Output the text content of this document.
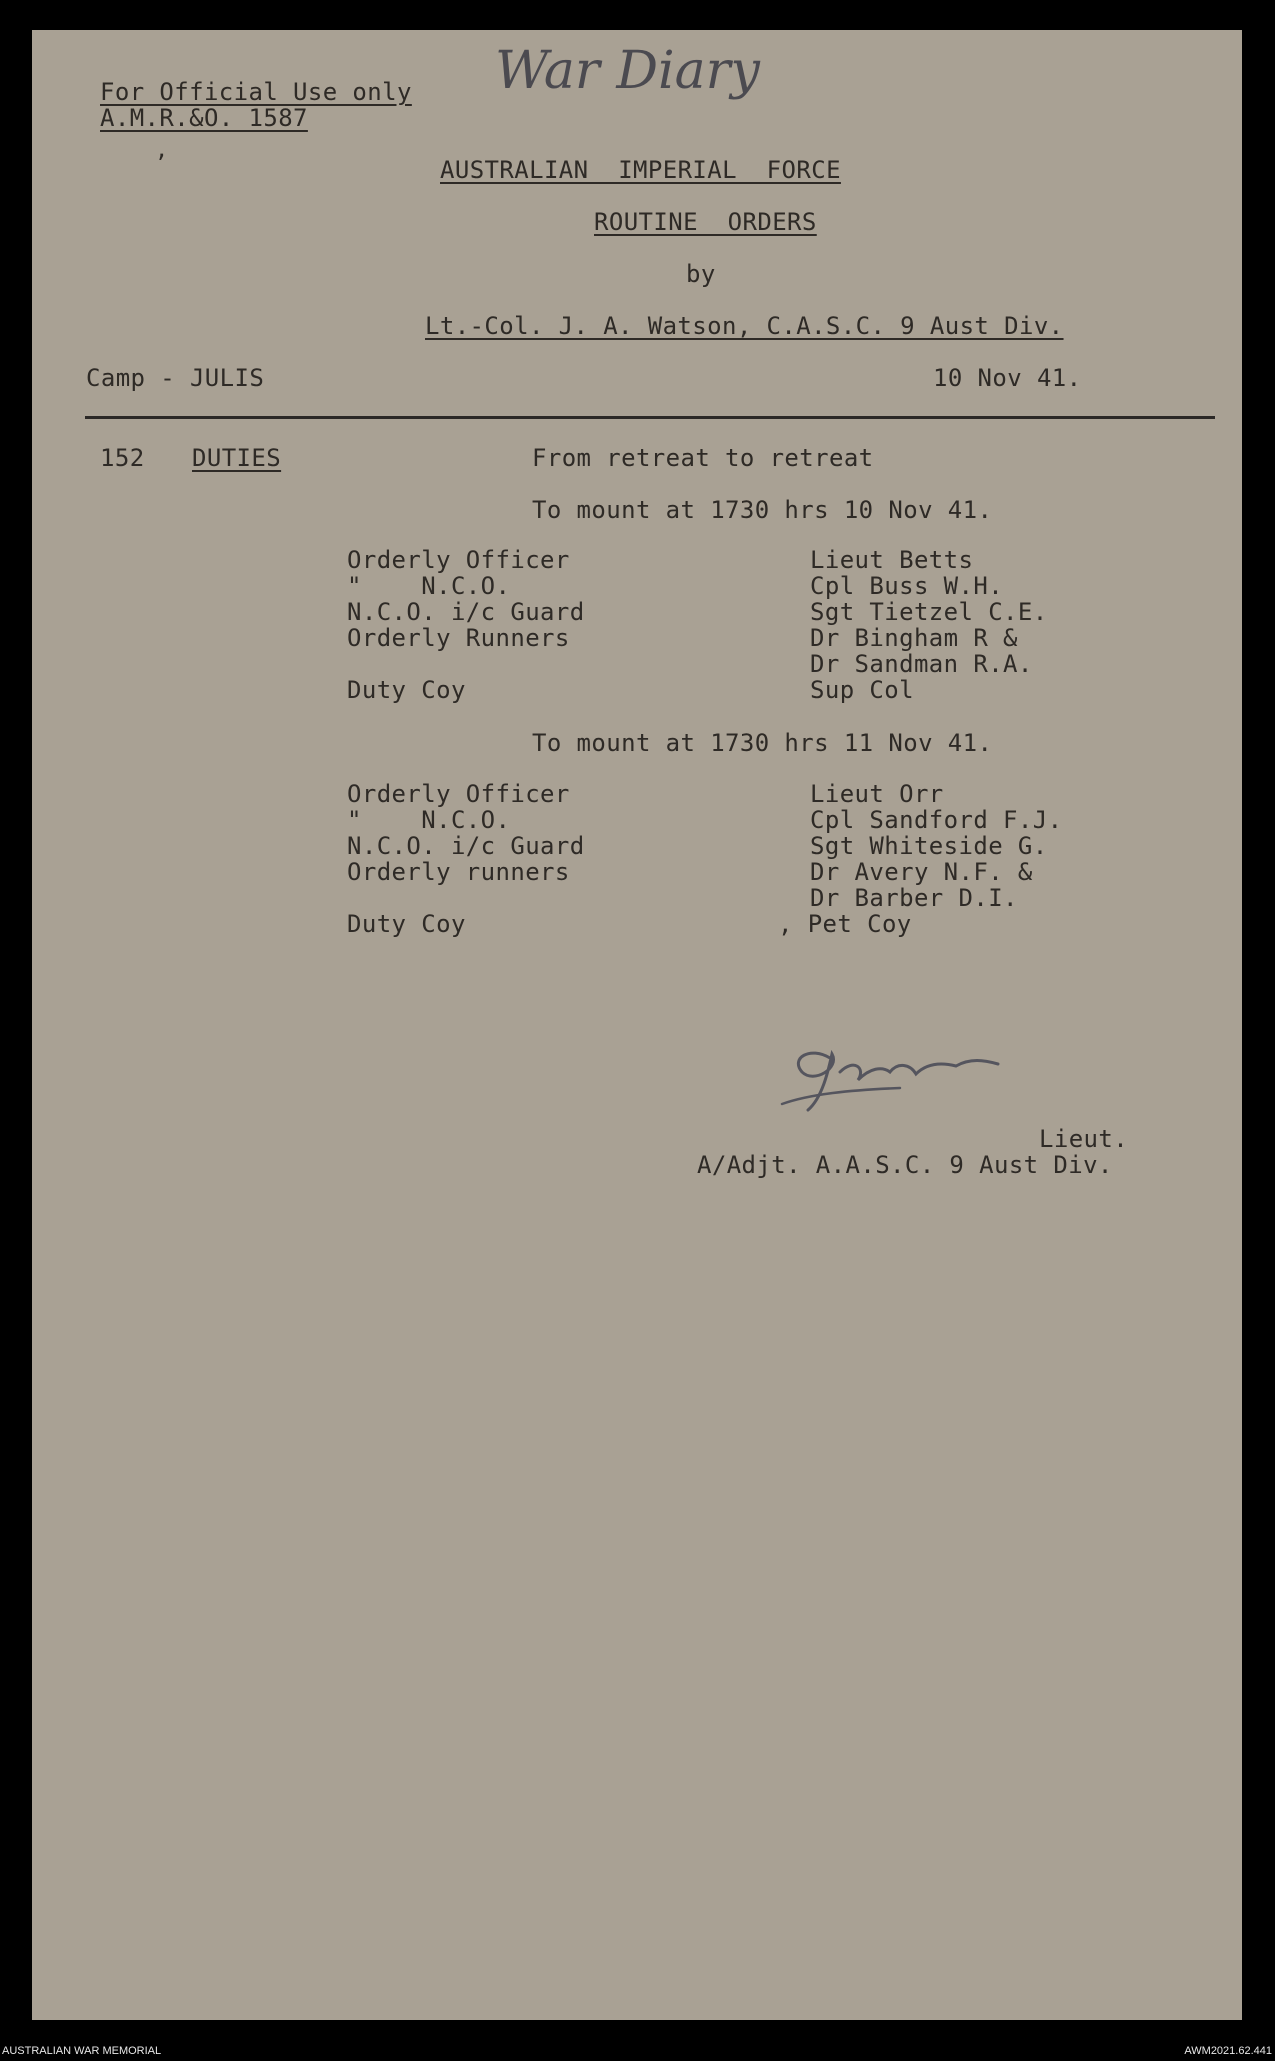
War Diary
For Official Use only
A.M.R.&O. 1587
,
AUSTRALIAN  IMPERIAL  FORCE
ROUTINE  ORDERS
by
Lt.-Col. J. A. Watson, C.A.S.C. 9 Aust Div.
Camp - JULIS	10 Nov 41.
152 DUTIES	From retreat to retreat
To mount at 1730 hrs 10 Nov 41.
Orderly Officer	Lieut Betts
"    N.C.O.	Cpl Buss W.H.
N.C.O. i/c Guard	Sgt Tietzel C.E.
Orderly Runners	Dr Bingham R &
Dr Sandman R.A.
Duty Coy	Sup Col
To mount at 1730 hrs 11 Nov 41.
Orderly Officer	Lieut Orr
"    N.C.O.	Cpl Sandford F.J.
N.C.O. i/c Guard	Sgt Whiteside G.
Orderly runners	Dr Avery N.F. &
Dr Barber D.I.
Duty Coy	, Pet Coy
Lieut.
A/Adjt. A.A.S.C. 9 Aust Div.
AUSTRALIAN WAR MEMORIAL	AWM2021.62.441
